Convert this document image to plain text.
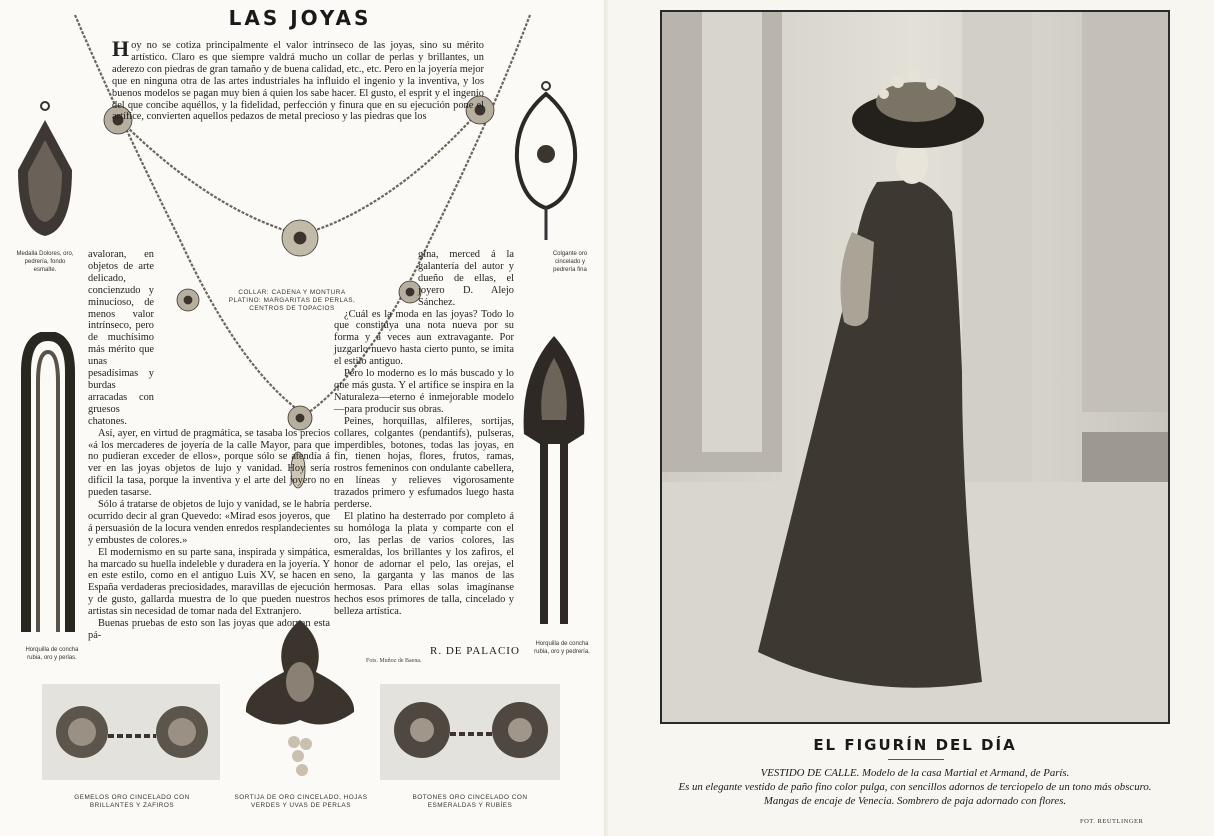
LAS JOYAS
Medalla Dolores, oro, pedrería, fondo esmalte.
Colgante oro cincelado y pedrería fina
Horquilla de concha rubia, oro y perlas.
Horquilla de concha rubia, oro y pedrería.

Hoy no se cotiza principalmente el valor intrínseco de las joyas, sino su mérito artístico. Claro es que siempre valdrá mucho un collar de perlas y brillantes, un aderezo con piedras de gran tamaño y de buena calidad, etc., etc. Pero en la joyería mejor que en ninguna otra de las artes industriales ha influido el ingenio y la inventiva, y los buenos modelos se pagan muy bien á quien los sabe hacer. El gusto, el esprit y el ingenio del que concibe aquéllos, y la fidelidad, perfección y finura que en su ejecución pone el artífice, convierten aquellos pedazos de metal precioso y las piedras que los

COLLAR: CADENA Y MONTURA PLATINO: MARGARITAS DE PERLAS, CENTROS DE TOPACIOS

avaloran, en objetos de arte delicado, concienzudo y minucioso, de menos valor intrínseco, pero de muchísimo más mérito que unas pesadísimas y burdas arracadas con gruesos chatones.

Así, ayer, en virtud de pragmática, se tasaba los precios «á los mercaderes de joyería de la calle Mayor, para que no pudieran exceder de ellos», porque sólo se atendía á ver en las joyas objetos de lujo y vanidad. Hoy sería difícil la tasa, porque la inventiva y el arte del joyero no pueden tasarse.

Sólo á tratarse de objetos de lujo y vanidad, se le habría ocurrido decir al gran Quevedo: «Mirad esos joyeros, que á persuasión de la locura venden enredos resplandecientes y embustes de colores.»

El modernismo en su parte sana, inspirada y simpática, ha marcado su huella indeleble y duradera en la joyería. Y en este estilo, como en el antiguo Luis XV, se hacen en España verdaderas preciosidades, maravillas de ejecución y de gusto, gallarda muestra de lo que pueden nuestros artistas sin necesidad de tomar nada del Extranjero.

Buenas pruebas de esto son las joyas que adornan esta pá-

gina, merced á la galantería del autor y dueño de ellas, el joyero D. Alejo Sánchez.

¿Cuál es la moda en las joyas? Todo lo que constituya una nota nueva por su forma y á veces aun extravagante. Por juzgarlo nuevo hasta cierto punto, se imita el estilo antiguo.

Pero lo moderno es lo más buscado y lo que más gusta. Y el artífice se inspira en la Naturaleza—eterno é inmejorable modelo—para producir sus obras.

Peines, horquillas, alfileres, sortijas, collares, colgantes (pendantifs), pulseras, imperdibles, botones, todas las joyas, en fin, tienen hojas, flores, frutos, ramas, rostros femeninos con ondulante cabellera, en líneas y relieves vigorosamente trazados primero y esfumados luego hasta perderse.

El platino ha desterrado por completo á su homóloga la plata y comparte con el oro, las perlas de varios colores, las esmeraldas, los brillantes y los zafiros, el honor de adornar el pelo, las orejas, el seno, la garganta y las manos de las hermosas. Para ellas solas imagínanse hechos esos primores de talla, cincelado y belleza artística.

R. DE PALACIO
Fots. Muñoz de Baena.
GEMELOS ORO CINCELADO CON BRILLANTES Y ZAFIROS
SORTIJA DE ORO CINCELADO, HOJAS VERDES Y UVAS DE PERLAS
BOTONES ORO CINCELADO CON ESMERALDAS Y RUBÍES
EL FIGURÍN DEL DÍA
VESTIDO DE CALLE. Modelo de la casa Martial et Armand, de París.
Es un elegante vestido de paño fino color pulga, con sencillos adornos de terciopelo de un tono más obscuro.
Mangas de encaje de Venecia. Sombrero de paja adornado con flores.
FOT. REUTLINGER
